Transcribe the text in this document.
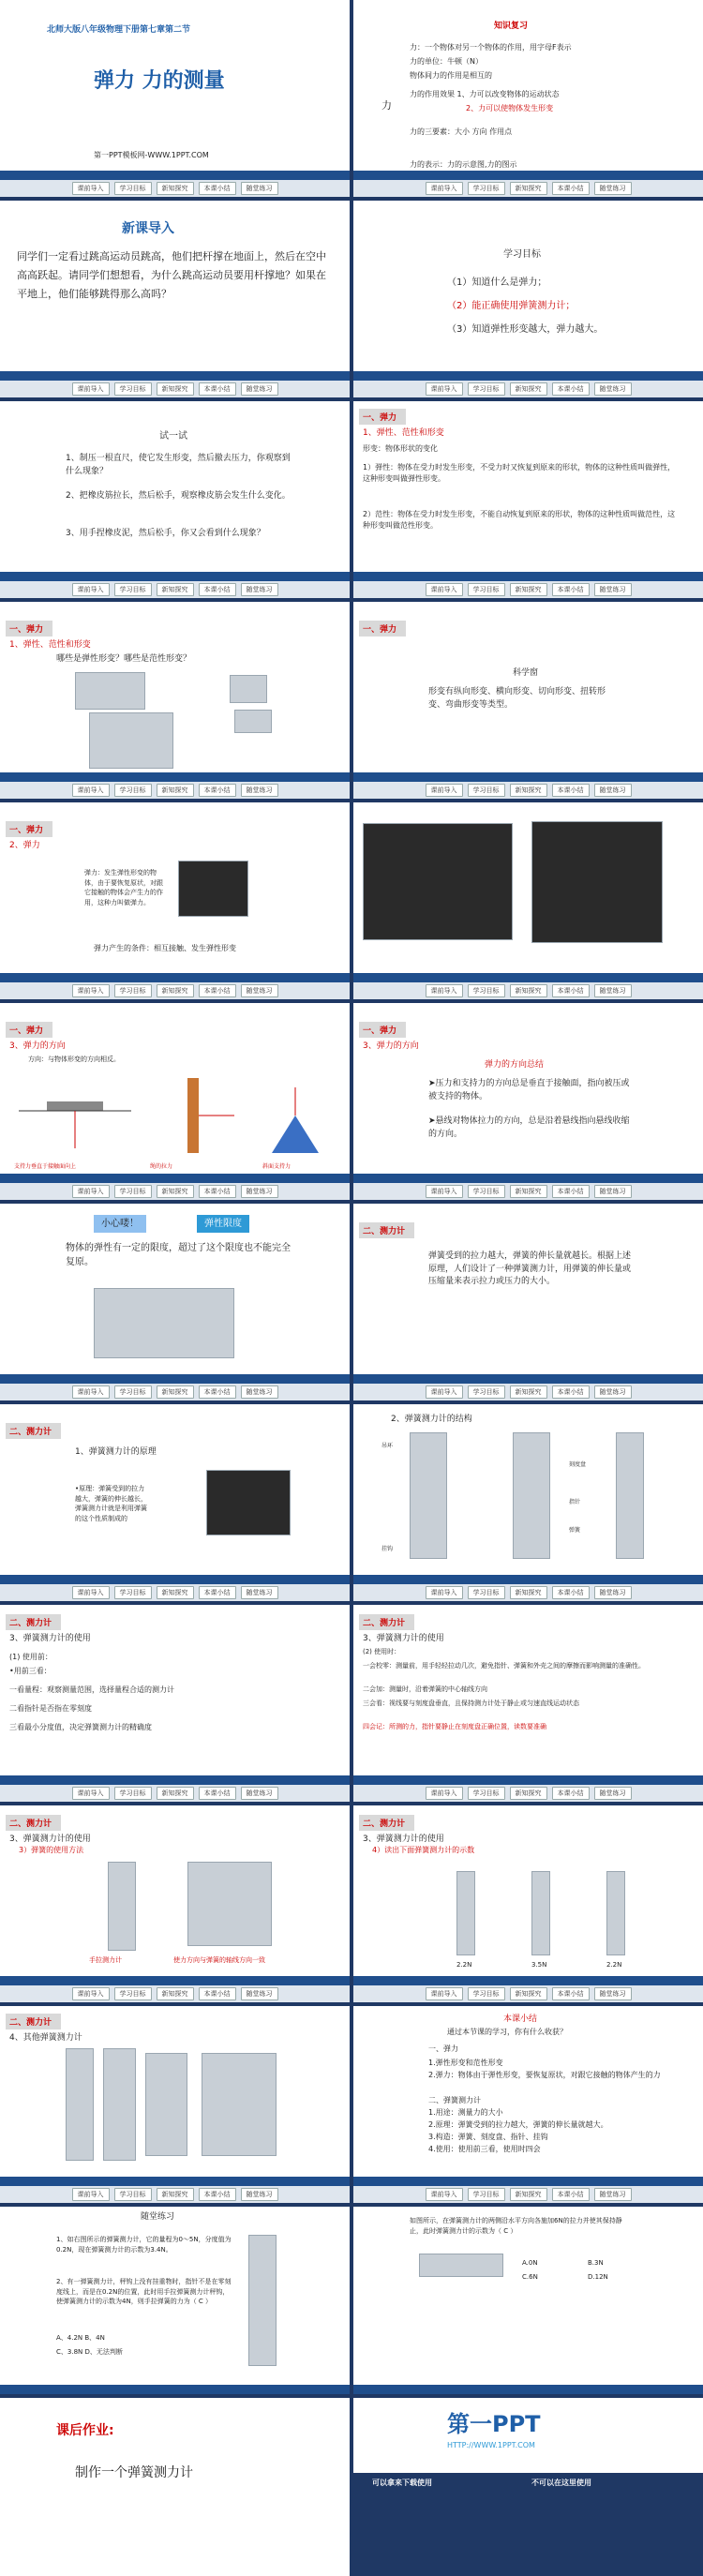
北师大版八年级物理下册第七章第二节
弹力 力的测量
第一PPT模板网-WWW.1PPT.COM
课前导入	学习目标	新知探究	本课小结	随堂练习
知识复习
力
力：一个物体对另一个物体的作用，用字母F表示
力的单位：牛顿（N）
物体间力的作用是相互的
力的作用效果 1、力可以改变物体的运动状态
2、力可以使物体发生形变
力的三要素：大小 方向 作用点
力的表示：力的示意图,力的图示
课前导入	学习目标	新知探究	本课小结	随堂练习
新课导入
同学们一定看过跳高运动员跳高，他们把杆撑在地面上，然后在空中高高跃起。请同学们想想看，为什么跳高运动员要用杆撑地？如果在平地上，他们能够跳得那么高吗？
课前导入	学习目标	新知探究	本课小结	随堂练习
学习目标
（1）知道什么是弹力；
（2）能正确使用弹簧测力计；
（3）知道弹性形变越大，弹力越大。
课前导入	学习目标	新知探究	本课小结	随堂练习
试一试
1、制压一根直尺，使它发生形变，然后撤去压力，你观察到什么现象？
2、把橡皮筋拉长，然后松手，观察橡皮筋会发生什么变化。
3、用手捏橡皮泥，然后松手，你又会看到什么现象？
课前导入	学习目标	新知探究	本课小结	随堂练习
一、弹力
1、弹性、范性和形变
形变：物体形状的变化
1）弹性：物体在受力时发生形变，不受力时又恢复到原来的形状，物体的这种性质叫做弹性，这种形变叫做弹性形变。
2）范性：物体在受力时发生形变，不能自动恢复到原来的形状，物体的这种性质叫做范性，这种形变叫做范性形变。
课前导入	学习目标	新知探究	本课小结	随堂练习
一、弹力
1、弹性、范性和形变
哪些是弹性形变？哪些是范性形变？
课前导入	学习目标	新知探究	本课小结	随堂练习
一、弹力
科学窗
形变有纵向形变、横向形变、切向形变、扭转形变、弯曲形变等类型。
课前导入	学习目标	新知探究	本课小结	随堂练习
一、弹力
2、弹力
弹力：发生弹性形变的物体，由于要恢复原状，对跟它接触的物体会产生力的作用，这种力叫做弹力。
弹力产生的条件：相互接触、发生弹性形变
课前导入	学习目标	新知探究	本课小结	随堂练习	课前导入	学习目标	新知探究	本课小结	随堂练习
一、弹力
3、弹力的方向
方向：与物体形变的方向相反。
支持力垂直于接触面向上	绳的拉力	斜面支持力
课前导入	学习目标	新知探究	本课小结	随堂练习
一、弹力
3、弹力的方向
弹力的方向总结
➤压力和支持力的方向总是垂直于接触面，指向被压或被支持的物体。
➤悬线对物体拉力的方向，总是沿着悬线指向悬线收缩的方向。
课前导入	学习目标	新知探究	本课小结	随堂练习
小心喽！	弹性限度
物体的弹性有一定的限度，超过了这个限度也不能完全复原。
课前导入	学习目标	新知探究	本课小结	随堂练习
二、测力计
弹簧受到的拉力越大，弹簧的伸长量就越长。根据上述原理，人们设计了一种弹簧测力计，用弹簧的伸长量或压缩量来表示拉力或压力的大小。
课前导入	学习目标	新知探究	本课小结	随堂练习
二、测力计
1、弹簧测力计的原理
•原理：弹簧受到的拉力越大，弹簧的伸长越长，弹簧测力计就是利用弹簧的这个性质制成的
课前导入	学习目标	新知探究	本课小结	随堂练习
2、弹簧测力计的结构
吊环
刻度盘
指针
弹簧
挂钩
课前导入	学习目标	新知探究	本课小结	随堂练习
二、测力计
3、弹簧测力计的使用
(1) 使用前：
•用前三看：
一看量程：观察测量范围，选择量程合适的测力计
二看指针是否指在零刻度
三看最小分度值，决定弹簧测力计的精确度
课前导入	学习目标	新知探究	本课小结	随堂练习
二、测力计
3、弹簧测力计的使用
(2) 使用时：
一会校零：测量前，用手轻轻拉动几次，避免指针、弹簧和外壳之间的摩擦而影响测量的准确性。
二会加：测量时，沿着弹簧的中心轴线方向
三会看：视线要与刻度盘垂直，且保持测力计处于静止或匀速直线运动状态
四会记：所测的力，指针要静止在刻度盘正确位置，读数要准确
课前导入	学习目标	新知探究	本课小结	随堂练习
二、测力计
3、弹簧测力计的使用
3）弹簧的使用方法
手拉测力计	使力方向与弹簧的轴线方向一致
课前导入	学习目标	新知探究	本课小结	随堂练习
二、测力计
3、弹簧测力计的使用
4）读出下面弹簧测力计的示数
2.2N	3.5N	2.2N
课前导入	学习目标	新知探究	本课小结	随堂练习
二、测力计
4、其他弹簧测力计
课前导入	学习目标	新知探究	本课小结	随堂练习
本课小结
通过本节课的学习，你有什么收获？
一、弹力
1.弹性形变和范性形变
2.弹力：物体由于弹性形变，要恢复原状，对跟它接触的物体产生的力
二、弹簧测力计
1.用途：测量力的大小
2.原理：弹簧受到的拉力越大，弹簧的伸长量就越大。
3.构造：弹簧、刻度盘、指针、挂钩
4.使用：使用前三看，使用时四会
课前导入	学习目标	新知探究	本课小结	随堂练习
随堂练习
1、如右图所示的弹簧测力计，它的量程为0～5N，分度值为0.2N，现在弹簧测力计的示数为3.4N。
2、有一弹簧测力计，秤钩上没有挂重物时，指针不是在零刻度线上，而是在0.2N的位置，此时用手拉弹簧测力计秤钩，使弹簧测力计的示数为4N，则手拉弹簧的力为（ C ）
A、4.2N B、4N
C、3.8N D、无法判断
如图所示，在弹簧测力计的两侧沿水平方向各施加6N的拉力并使其保持静止，此时弹簧测力计的示数为（ C ）
A.0N	B.3N
C.6N	D.12N
课后作业:
制作一个弹簧测力计
第一PPT
HTTP://WWW.1PPT.COM
可以拿来下载使用	不可以在这里使用
